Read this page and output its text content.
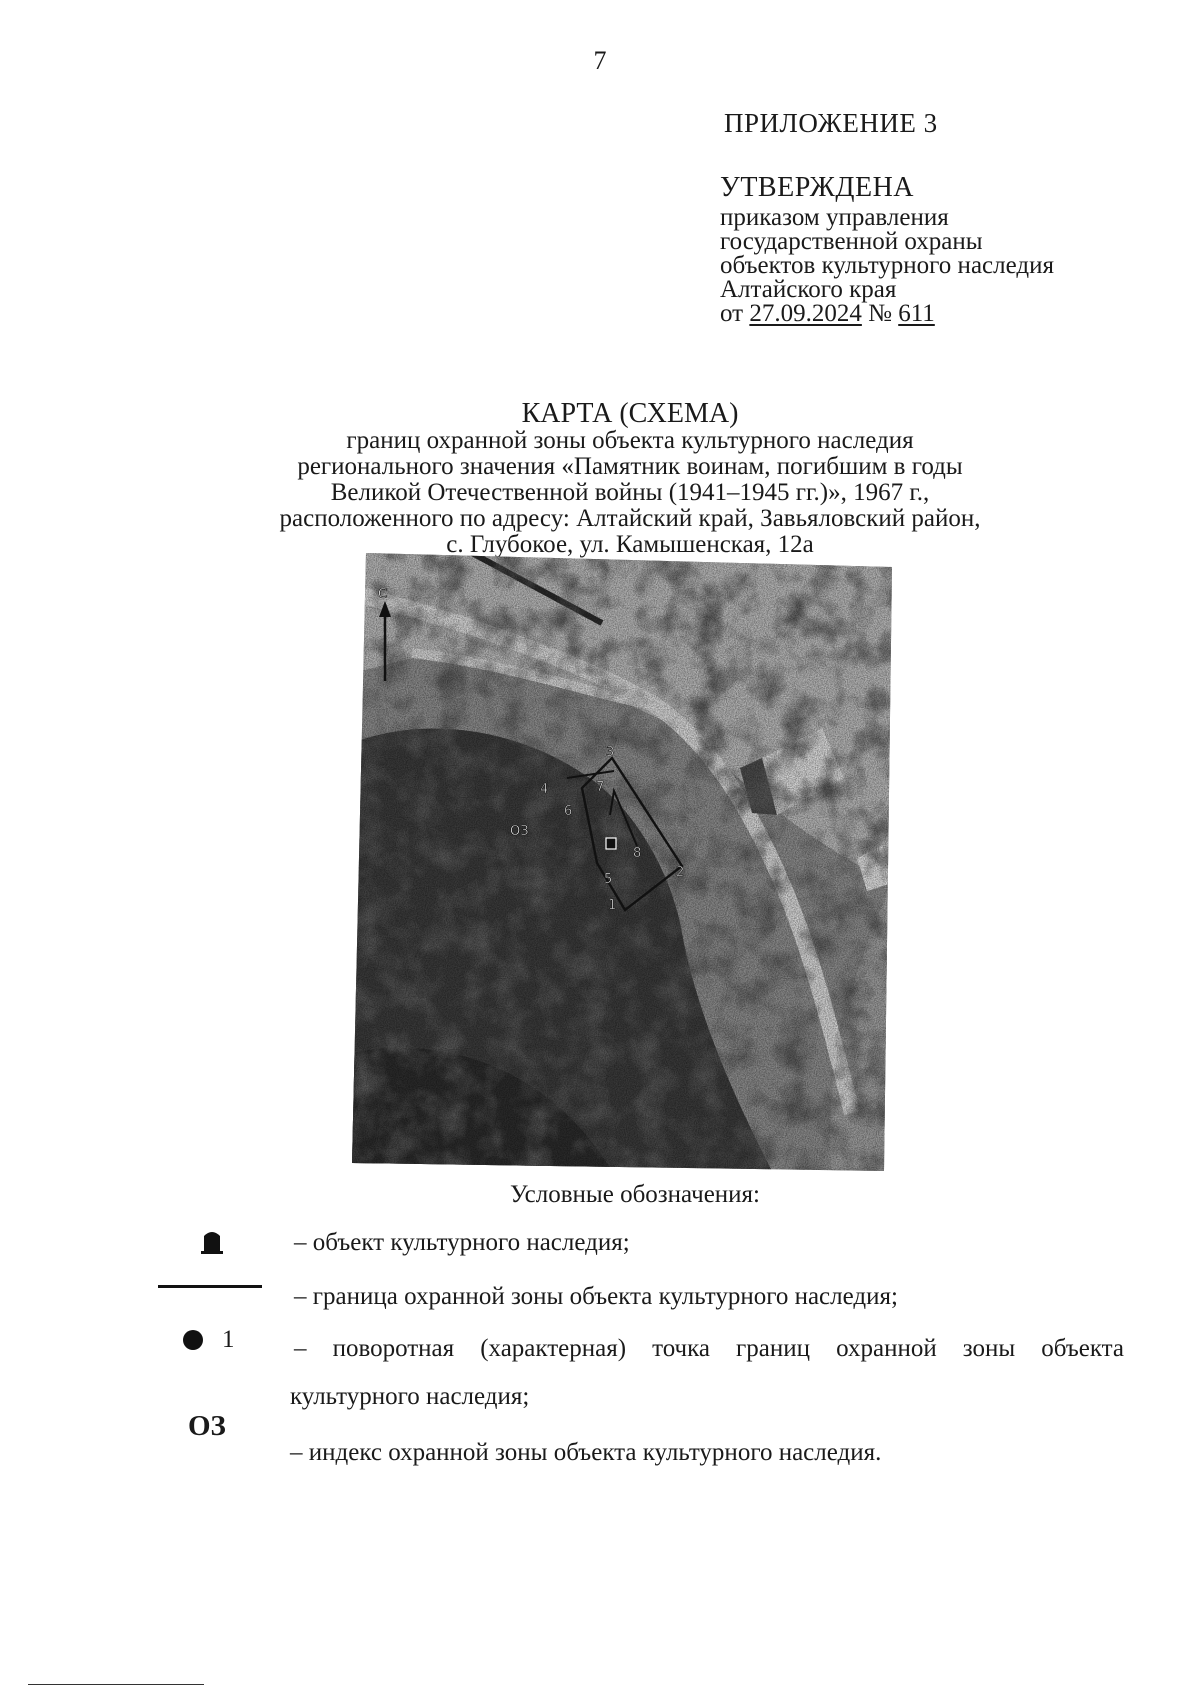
7
ПРИЛОЖЕНИЕ 3
УТВЕРЖДЕНА
приказом управления
государственной охраны
объектов культурного наследия
Алтайского края
от 27.09.2024 № 611
КАРТА (СХЕМА)
границ охранной зоны объекта культурного наследия
регионального значения «Памятник воинам, погибшим в годы
Великой Отечественной войны (1941–1945 гг.)», 1967 г.,
расположенного по адресу: Алтайский край, Завьяловский район,
с. Глубокое, ул. Камышенская, 12а
С
ОЗ
1
2
3
4
5
6
7
8
Условные обозначения:
– объект культурного наследия;
– граница охранной зоны объекта культурного наследия;
1 – поворотная (характерная) точка границ охранной зоны объекта
культурного наследия;
ОЗ
– индекс охранной зоны объекта культурного наследия.
